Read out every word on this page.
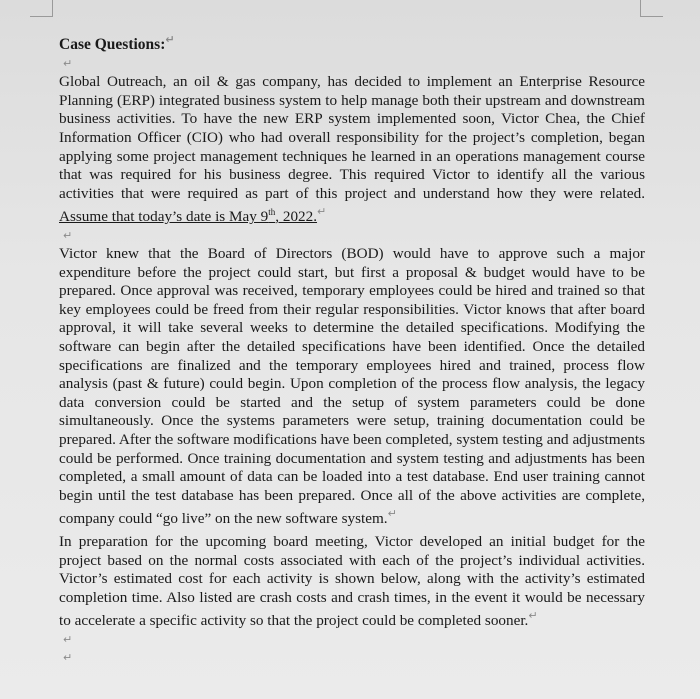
Case Questions:↵

↵

Global Outreach, an oil & gas company, has decided to implement an Enterprise Resource Planning (ERP) integrated business system to help manage both their upstream and downstream business activities. To have the new ERP system implemented soon, Victor Chea, the Chief Information Officer (CIO) who had overall responsibility for the project’s completion, began applying some project management techniques he learned in an operations management course that was required for his business degree. This required Victor to identify all the various activities that were required as part of this project and understand how they were related. Assume that today’s date is May 9th, 2022.↵

↵

Victor knew that the Board of Directors (BOD) would have to approve such a major expenditure before the project could start, but first a proposal & budget would have to be prepared. Once approval was received, temporary employees could be hired and trained so that key employees could be freed from their regular responsibilities. Victor knows that after board approval, it will take several weeks to determine the detailed specifications. Modifying the software can begin after the detailed specifications have been identified. Once the detailed specifications are finalized and the temporary employees hired and trained, process flow analysis (past & future) could begin. Upon completion of the process flow analysis, the legacy data conversion could be started and the setup of system parameters could be done simultaneously. Once the systems parameters were setup, training documentation could be prepared. After the software modifications have been completed, system testing and adjustments could be performed. Once training documentation and system testing and adjustments has been completed, a small amount of data can be loaded into a test database. End user training cannot begin until the test database has been prepared. Once all of the above activities are complete, company could “go live” on the new software system.↵

In preparation for the upcoming board meeting, Victor developed an initial budget for the project based on the normal costs associated with each of the project’s individual activities. Victor’s estimated cost for each activity is shown below, along with the activity’s estimated completion time. Also listed are crash costs and crash times, in the event it would be necessary to accelerate a specific activity so that the project could be completed sooner.↵

↵
↵
